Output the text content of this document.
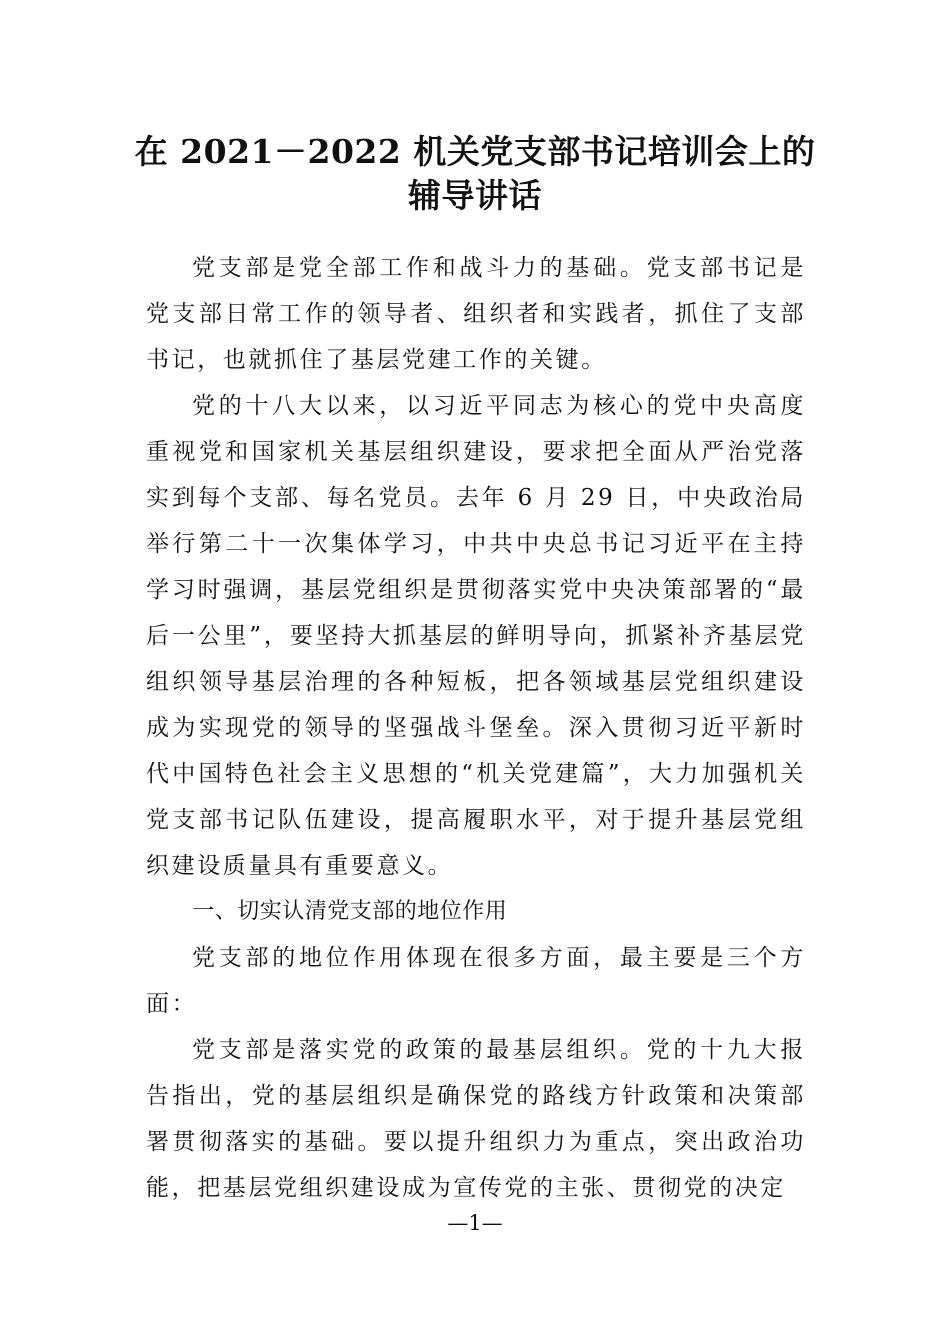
在 2021－2022 机关党支部书记培训会上的
辅导讲话

党支部是党全部工作和战斗力的基础。党支部书记是党支部日常工作的领导者、组织者和实践者，抓住了支部书记，也就抓住了基层党建工作的关键。

党的十八大以来，以习近平同志为核心的党中央高度重视党和国家机关基层组织建设，要求把全面从严治党落实到每个支部、每名党员。去年 6 月 29 日，中央政治局举行第二十一次集体学习，中共中央总书记习近平在主持学习时强调，基层党组织是贯彻落实党中央决策部署的“最后一公里”，要坚持大抓基层的鲜明导向，抓紧补齐基层党组织领导基层治理的各种短板，把各领域基层党组织建设成为实现党的领导的坚强战斗堡垒。深入贯彻习近平新时代中国特色社会主义思想的“机关党建篇”，大力加强机关党支部书记队伍建设，提高履职水平，对于提升基层党组织建设质量具有重要意义。

一、切实认清党支部的地位作用

党支部的地位作用体现在很多方面，最主要是三个方面：

党支部是落实党的政策的最基层组织。党的十九大报告指出，党的基层组织是确保党的路线方针政策和决策部署贯彻落实的基础。要以提升组织力为重点，突出政治功能，把基层党组织建设成为宣传党的主张、贯彻党的决定

—1—
